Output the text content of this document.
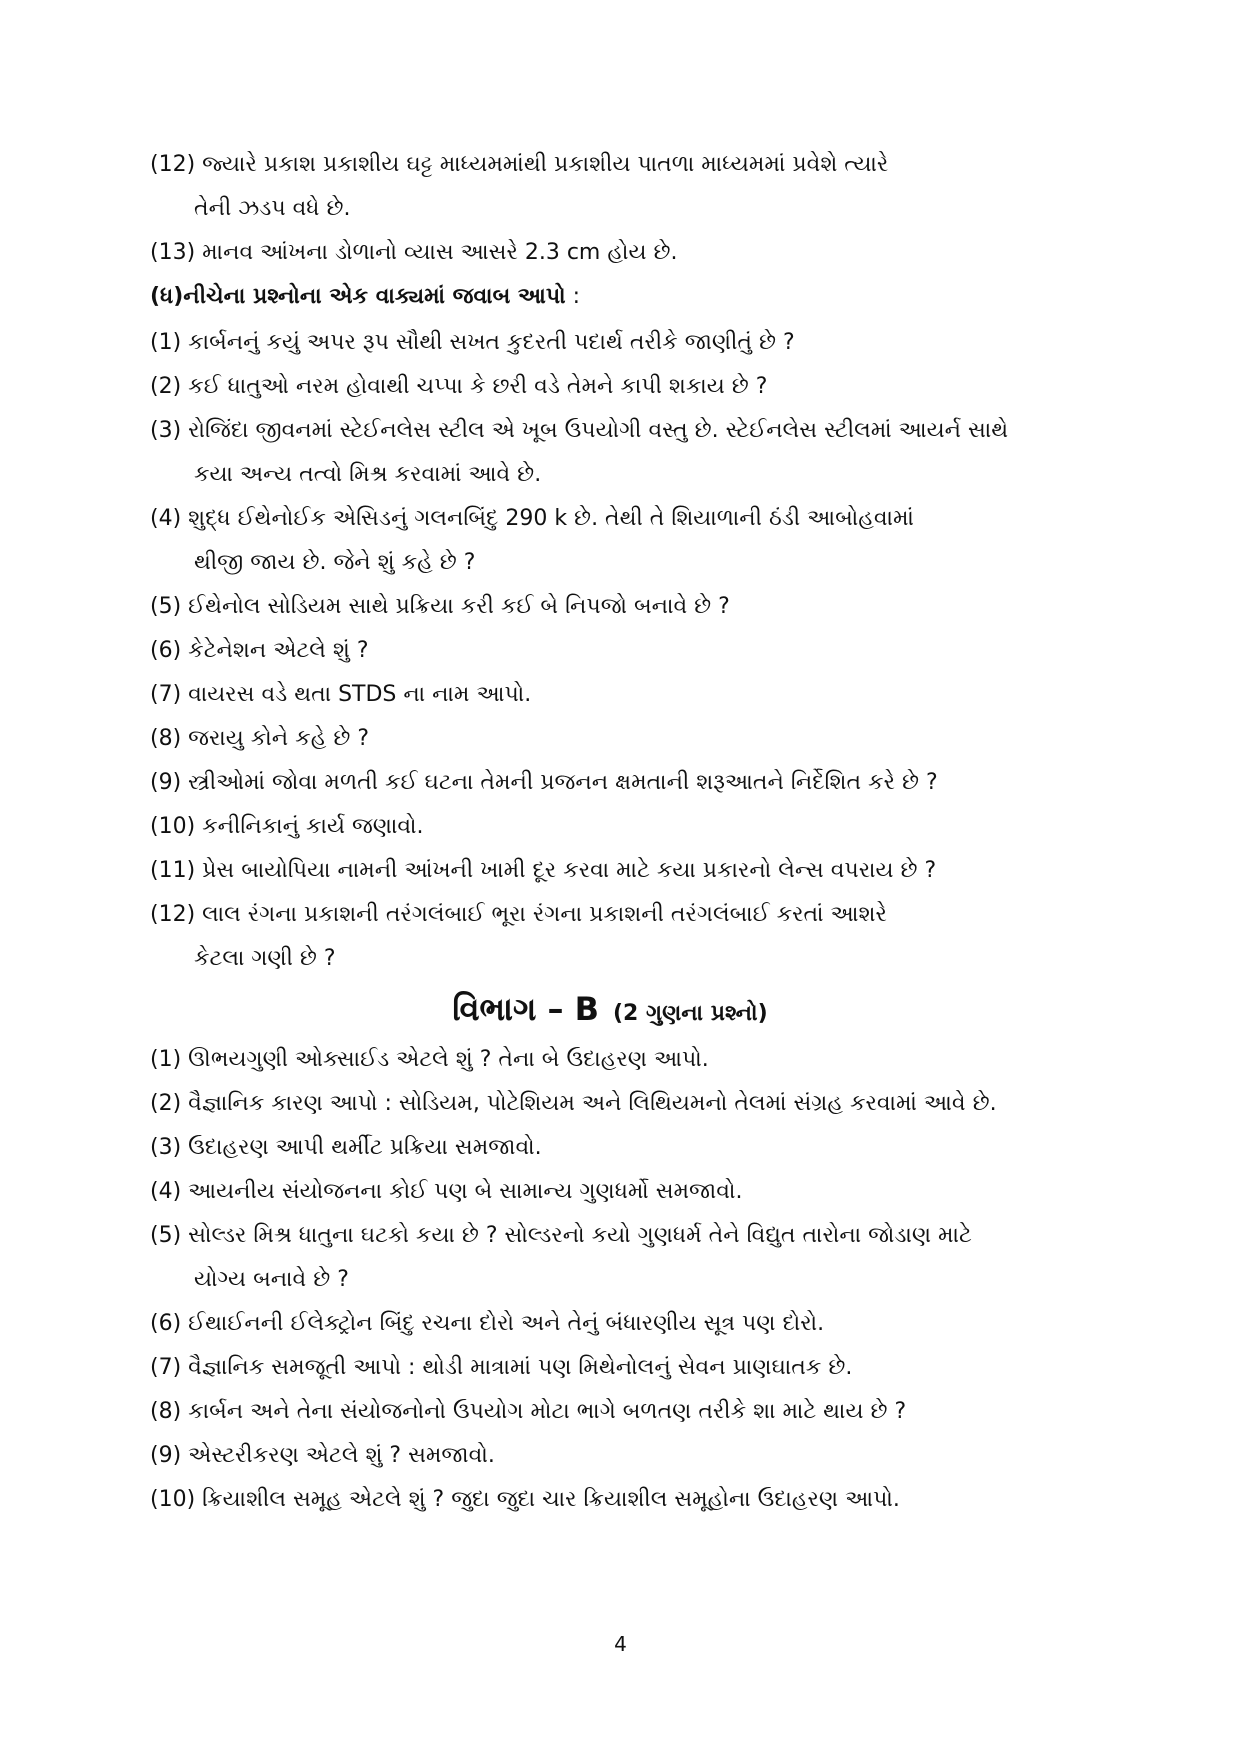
(12) જ્યારે પ્રકાશ પ્રકાશીય ઘટ્ટ માધ્યમમાંથી પ્રકાશીય પાતળા માધ્યમમાં પ્રવેશે ત્યારે
તેની ઝડપ વધે છે.
(13) માનવ આંખના ડોળાનો વ્યાસ આસરે 2.3 cm હોય છે.
(ધ)નીચેના પ્રશ્નોના એક વાક્યમાં જવાબ આપો :
(1) કાર્બનનું કયું અપર રૂપ સૌથી સખત કુદરતી પદાર્થ તરીકે જાણીતું છે ?
(2) કઈ ધાતુઓ નરમ હોવાથી ચપ્પા કે છરી વડે તેમને કાપી શકાય છે ?
(3) રોજિંદા જીવનમાં સ્ટેઈનલેસ સ્ટીલ એ ખૂબ ઉપયોગી વસ્તુ છે. સ્ટેઈનલેસ સ્ટીલમાં આયર્ન સાથે
કયા અન્ય તત્વો મિશ્ર કરવામાં આવે છે.
(4) શુદ્ધ ઈથેનોઈક એસિડનું ગલનબિંદુ 290 k છે. તેથી તે શિયાળાની ઠંડી આબોહવામાં
થીજી જાય છે. જેને શું કહે છે ?
(5) ઈથેનોલ સોડિયમ સાથે પ્રક્રિયા કરી કઈ બે નિપજો બનાવે છે ?
(6) કેટેનેશન એટલે શું ?
(7) વાયરસ વડે થતા STDS ના નામ આપો.
(8) જરાયુ કોને કહે છે ?
(9) સ્ત્રીઓમાં જોવા મળતી કઈ ઘટના તેમની પ્રજનન ક્ષમતાની શરૂઆતને નિર્દેશિત કરે છે ?
(10) કનીનિકાનું કાર્ય જણાવો.
(11) પ્રેસ બાયોપિયા નામની આંખની ખામી દૂર કરવા માટે કયા પ્રકારનો લેન્સ વપરાય છે ?
(12) લાલ રંગના પ્રકાશની તરંગલંબાઈ ભૂરા રંગના પ્રકાશની તરંગલંબાઈ કરતાં આશરે
કેટલા ગણી છે ?
વિભાગ – B (2 ગુણના પ્રશ્નો)
(1) ઊભયગુણી ઓક્સાઈડ એટલે શું ? તેના બે ઉદાહરણ આપો.
(2) વૈજ્ઞાનિક કારણ આપો : સોડિયમ, પોટેશિયમ અને લિથિયમનો તેલમાં સંગ્રહ કરવામાં આવે છે.
(3) ઉદાહરણ આપી થર્મીટ પ્રક્રિયા સમજાવો.
(4) આયનીય સંયોજનના કોઈ પણ બે સામાન્ય ગુણધર્મો સમજાવો.
(5) સોલ્ડર મિશ્ર ધાતુના ઘટકો કયા છે ? સોલ્ડરનો કયો ગુણધર્મ તેને વિદ્યુત તારોના જોડાણ માટે
યોગ્ય બનાવે છે ?
(6) ઈથાઈનની ઈલેક્ટ્રોન બિંદુ રચના દોરો અને તેનું બંધારણીય સૂત્ર પણ દોરો.
(7) વૈજ્ઞાનિક સમજૂતી આપો : થોડી માત્રામાં પણ મિથેનોલનું સેવન પ્રાણઘાતક છે.
(8) કાર્બન અને તેના સંયોજનોનો ઉપયોગ મોટા ભાગે બળતણ તરીકે શા માટે થાય છે ?
(9) એસ્ટરીકરણ એટલે શું ? સમજાવો.
(10) ક્રિયાશીલ સમૂહ એટલે શું ? જુદા જુદા ચાર ક્રિયાશીલ સમૂહોના ઉદાહરણ આપો.
4
